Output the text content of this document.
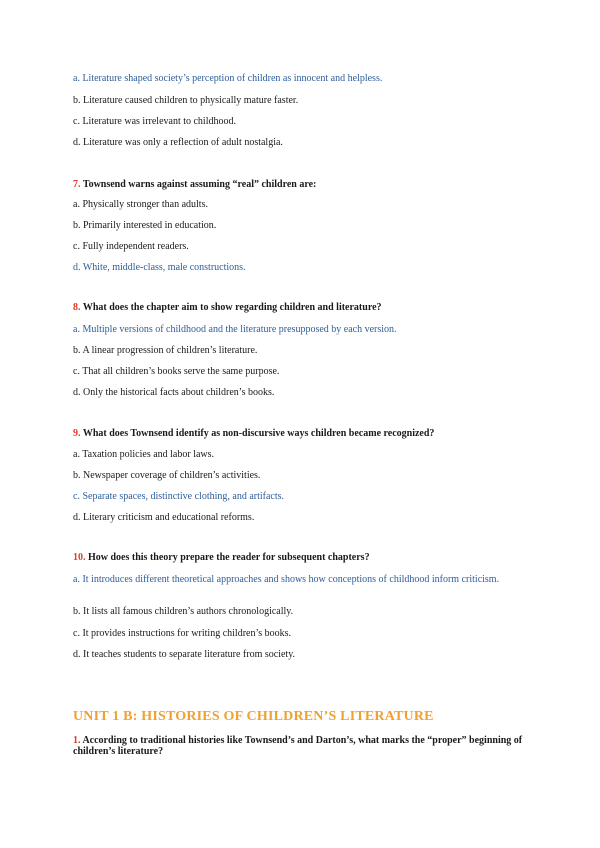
a. Literature shaped society’s perception of children as innocent and helpless.
b. Literature caused children to physically mature faster.
c. Literature was irrelevant to childhood.
d. Literature was only a reflection of adult nostalgia.
7. Townsend warns against assuming “real” children are:
a. Physically stronger than adults.
b. Primarily interested in education.
c. Fully independent readers.
d. White, middle-class, male constructions.
8. What does the chapter aim to show regarding children and literature?
a. Multiple versions of childhood and the literature presupposed by each version.
b. A linear progression of children’s literature.
c. That all children’s books serve the same purpose.
d. Only the historical facts about children’s books.
9. What does Townsend identify as non-discursive ways children became recognized?
a. Taxation policies and labor laws.
b. Newspaper coverage of children’s activities.
c. Separate spaces, distinctive clothing, and artifacts.
d. Literary criticism and educational reforms.
10. How does this theory prepare the reader for subsequent chapters?
a. It introduces different theoretical approaches and shows how conceptions of childhood inform criticism.
b. It lists all famous children’s authors chronologically.
c. It provides instructions for writing children’s books.
d. It teaches students to separate literature from society.
UNIT 1 B: HISTORIES OF CHILDREN’S LITERATURE
1. According to traditional histories like Townsend’s and Darton’s, what marks the “proper” beginning of children’s literature?
